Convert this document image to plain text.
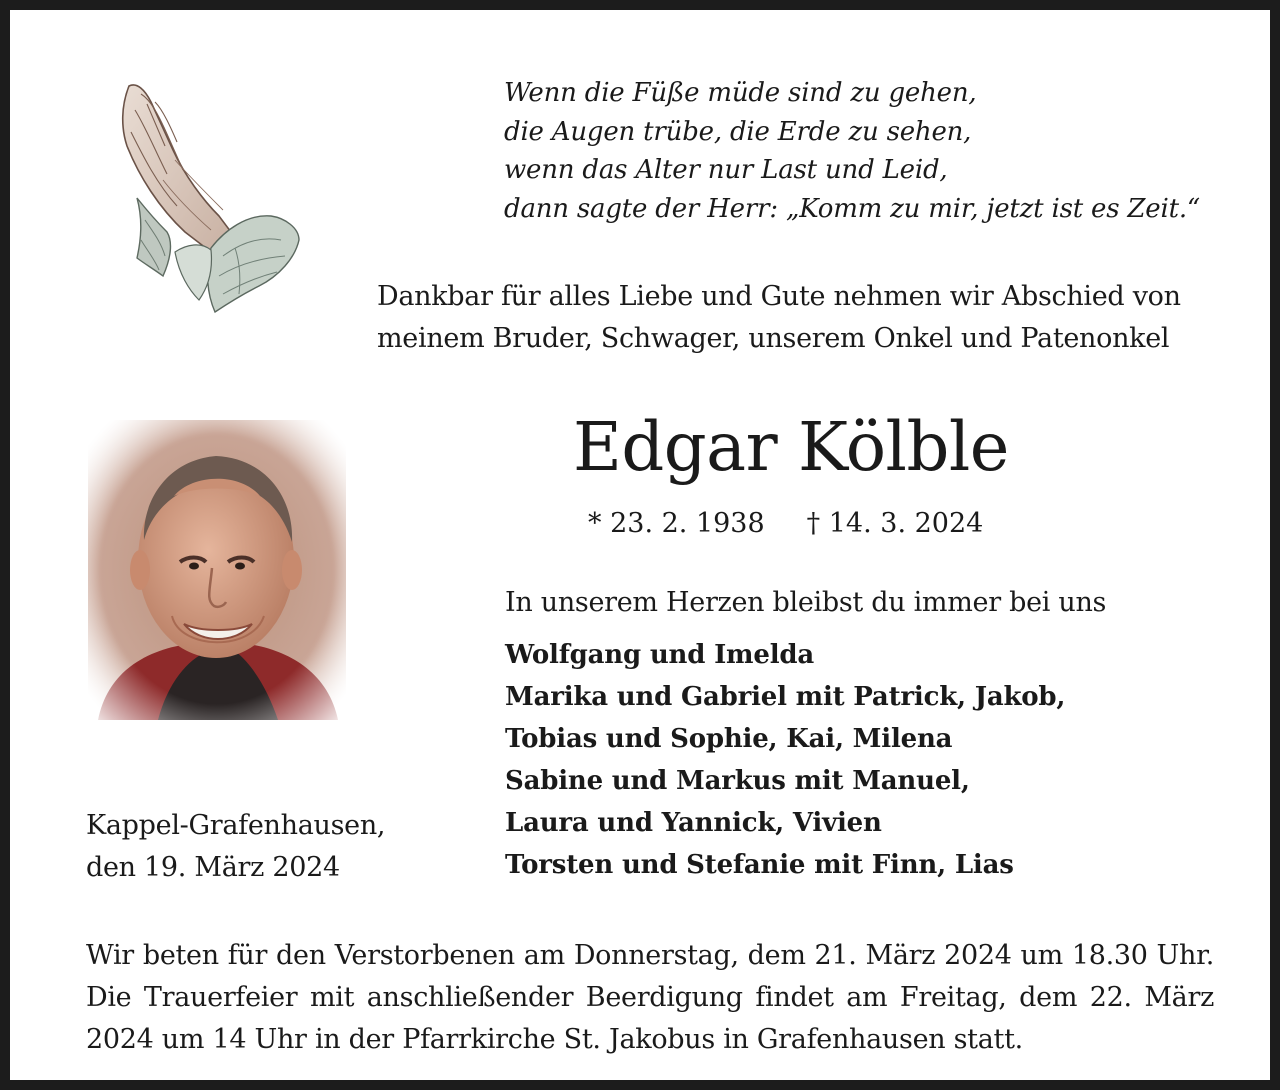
Wenn die Füße müde sind zu gehen,
die Augen trübe, die Erde zu sehen,
wenn das Alter nur Last und Leid,
dann sagte der Herr: „Komm zu mir, jetzt ist es Zeit.“
Dankbar für alles Liebe und Gute nehmen wir Abschied von
meinem Bruder, Schwager, unserem Onkel und Patenonkel
Edgar Kölble
* 23. 2. 1938 † 14. 3. 2024
In unserem Herzen bleibst du immer bei uns
Wolfgang und Imelda
Marika und Gabriel mit Patrick, Jakob,
Tobias und Sophie, Kai, Milena
Sabine und Markus mit Manuel,
Laura und Yannick, Vivien
Torsten und Stefanie mit Finn, Lias
Kappel-Grafenhausen,
den 19. März 2024
Wir beten für den Verstorbenen am Donnerstag, dem 21. März 2024 um 18.30 Uhr.
Die Trauerfeier mit anschließender Beerdigung findet am Freitag, dem 22. März
2024 um 14 Uhr in der Pfarrkirche St. Jakobus in Grafenhausen statt.
